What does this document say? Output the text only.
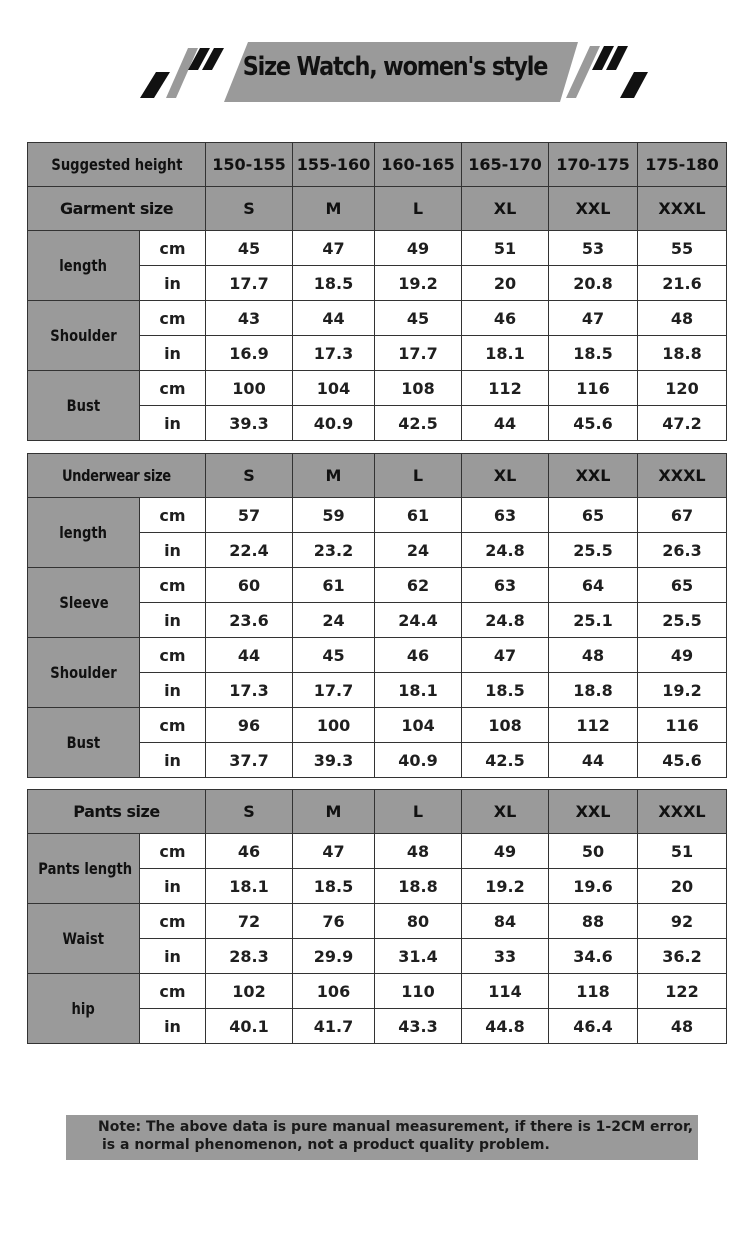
Size Watch, women's style
Suggested height		150-155	155-160	160-165	165-170	170-175	175-180
Garment size		S	M	L	XL	XXL	XXXL
length	cm	45	47	49	51	53	55
	in	17.7	18.5	19.2	20	20.8	21.6
Shoulder	cm	43	44	45	46	47	48
	in	16.9	17.3	17.7	18.1	18.5	18.8
Bust	cm	100	104	108	112	116	120
	in	39.3	40.9	42.5	44	45.6	47.2
Underwear size		S	M	L	XL	XXL	XXXL
length	cm	57	59	61	63	65	67
	in	22.4	23.2	24	24.8	25.5	26.3
Sleeve	cm	60	61	62	63	64	65
	in	23.6	24	24.4	24.8	25.1	25.5
Shoulder	cm	44	45	46	47	48	49
	in	17.3	17.7	18.1	18.5	18.8	19.2
Bust	cm	96	100	104	108	112	116
	in	37.7	39.3	40.9	42.5	44	45.6
Pants size		S	M	L	XL	XXL	XXXL
Pants length	cm	46	47	48	49	50	51
	in	18.1	18.5	18.8	19.2	19.6	20
Waist	cm	72	76	80	84	88	92
	in	28.3	29.9	31.4	33	34.6	36.2
hip	cm	102	106	110	114	118	122
	in	40.1	41.7	43.3	44.8	46.4	48

Note: The above data is pure manual measurement, if there is 1-2CM error,

is a normal phenomenon, not a product quality problem.
